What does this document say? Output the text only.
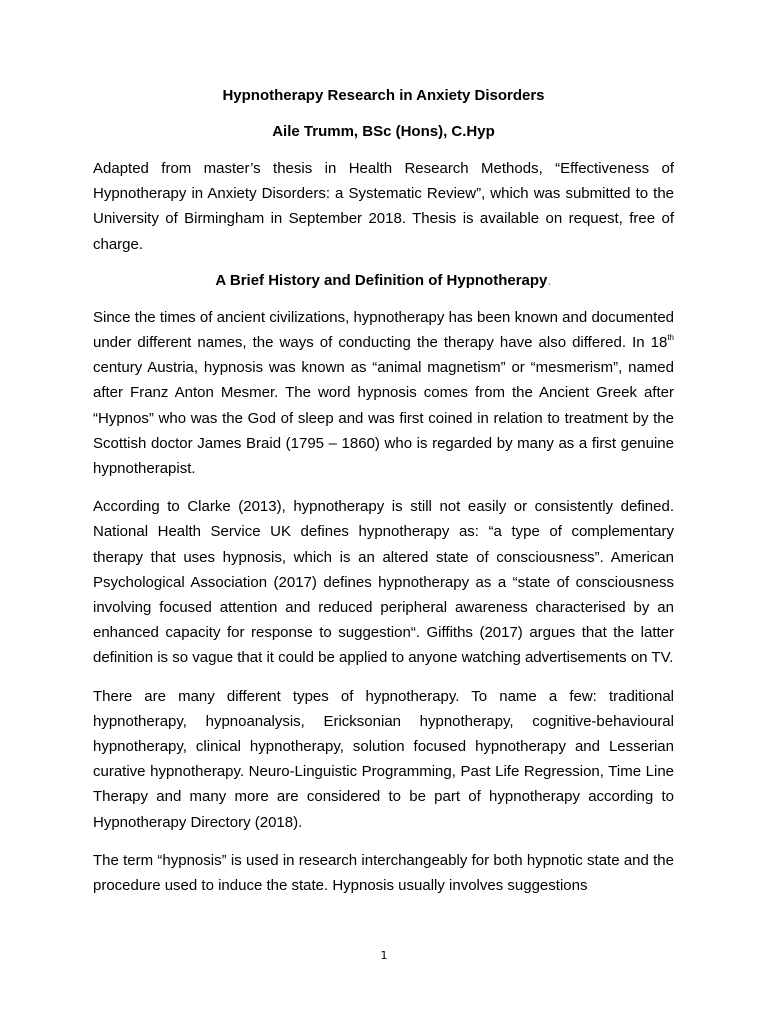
Hypnotherapy Research in Anxiety Disorders

Aile Trumm, BSc (Hons), C.Hyp

Adapted from master’s thesis in Health Research Methods, “Effectiveness of Hypnotherapy in Anxiety Disorders: a Systematic Review”, which was submitted to the University of Birmingham in September 2018. Thesis is available on request, free of charge.

A Brief History and Definition of Hypnotherapy.

Since the times of ancient civilizations, hypnotherapy has been known and documented under different names, the ways of conducting the therapy have also differed. In 18th century Austria, hypnosis was known as “animal magnetism” or “mesmerism”, named after Franz Anton Mesmer. The word hypnosis comes from the Ancient Greek after “Hypnos” who was the God of sleep and was first coined in relation to treatment by the Scottish doctor James Braid (1795 – 1860) who is regarded by many as a first genuine hypnotherapist.

According to Clarke (2013), hypnotherapy is still not easily or consistently defined. National Health Service UK defines hypnotherapy as: “a type of complementary therapy that uses hypnosis, which is an altered state of consciousness”. American Psychological Association (2017) defines hypnotherapy as a “state of consciousness involving focused attention and reduced peripheral awareness characterised by an enhanced capacity for response to suggestion“. Giffiths (2017) argues that the latter definition is so vague that it could be applied to anyone watching advertisements on TV.

There are many different types of hypnotherapy. To name a few: traditional hypnotherapy, hypnoanalysis, Ericksonian hypnotherapy, cognitive-behavioural hypnotherapy, clinical hypnotherapy, solution focused hypnotherapy and Lesserian curative hypnotherapy. Neuro-Linguistic Programming, Past Life Regression, Time Line Therapy and many more are considered to be part of hypnotherapy according to Hypnotherapy Directory (2018).

The term “hypnosis” is used in research interchangeably for both hypnotic state and the procedure used to induce the state. Hypnosis usually involves suggestions

1
